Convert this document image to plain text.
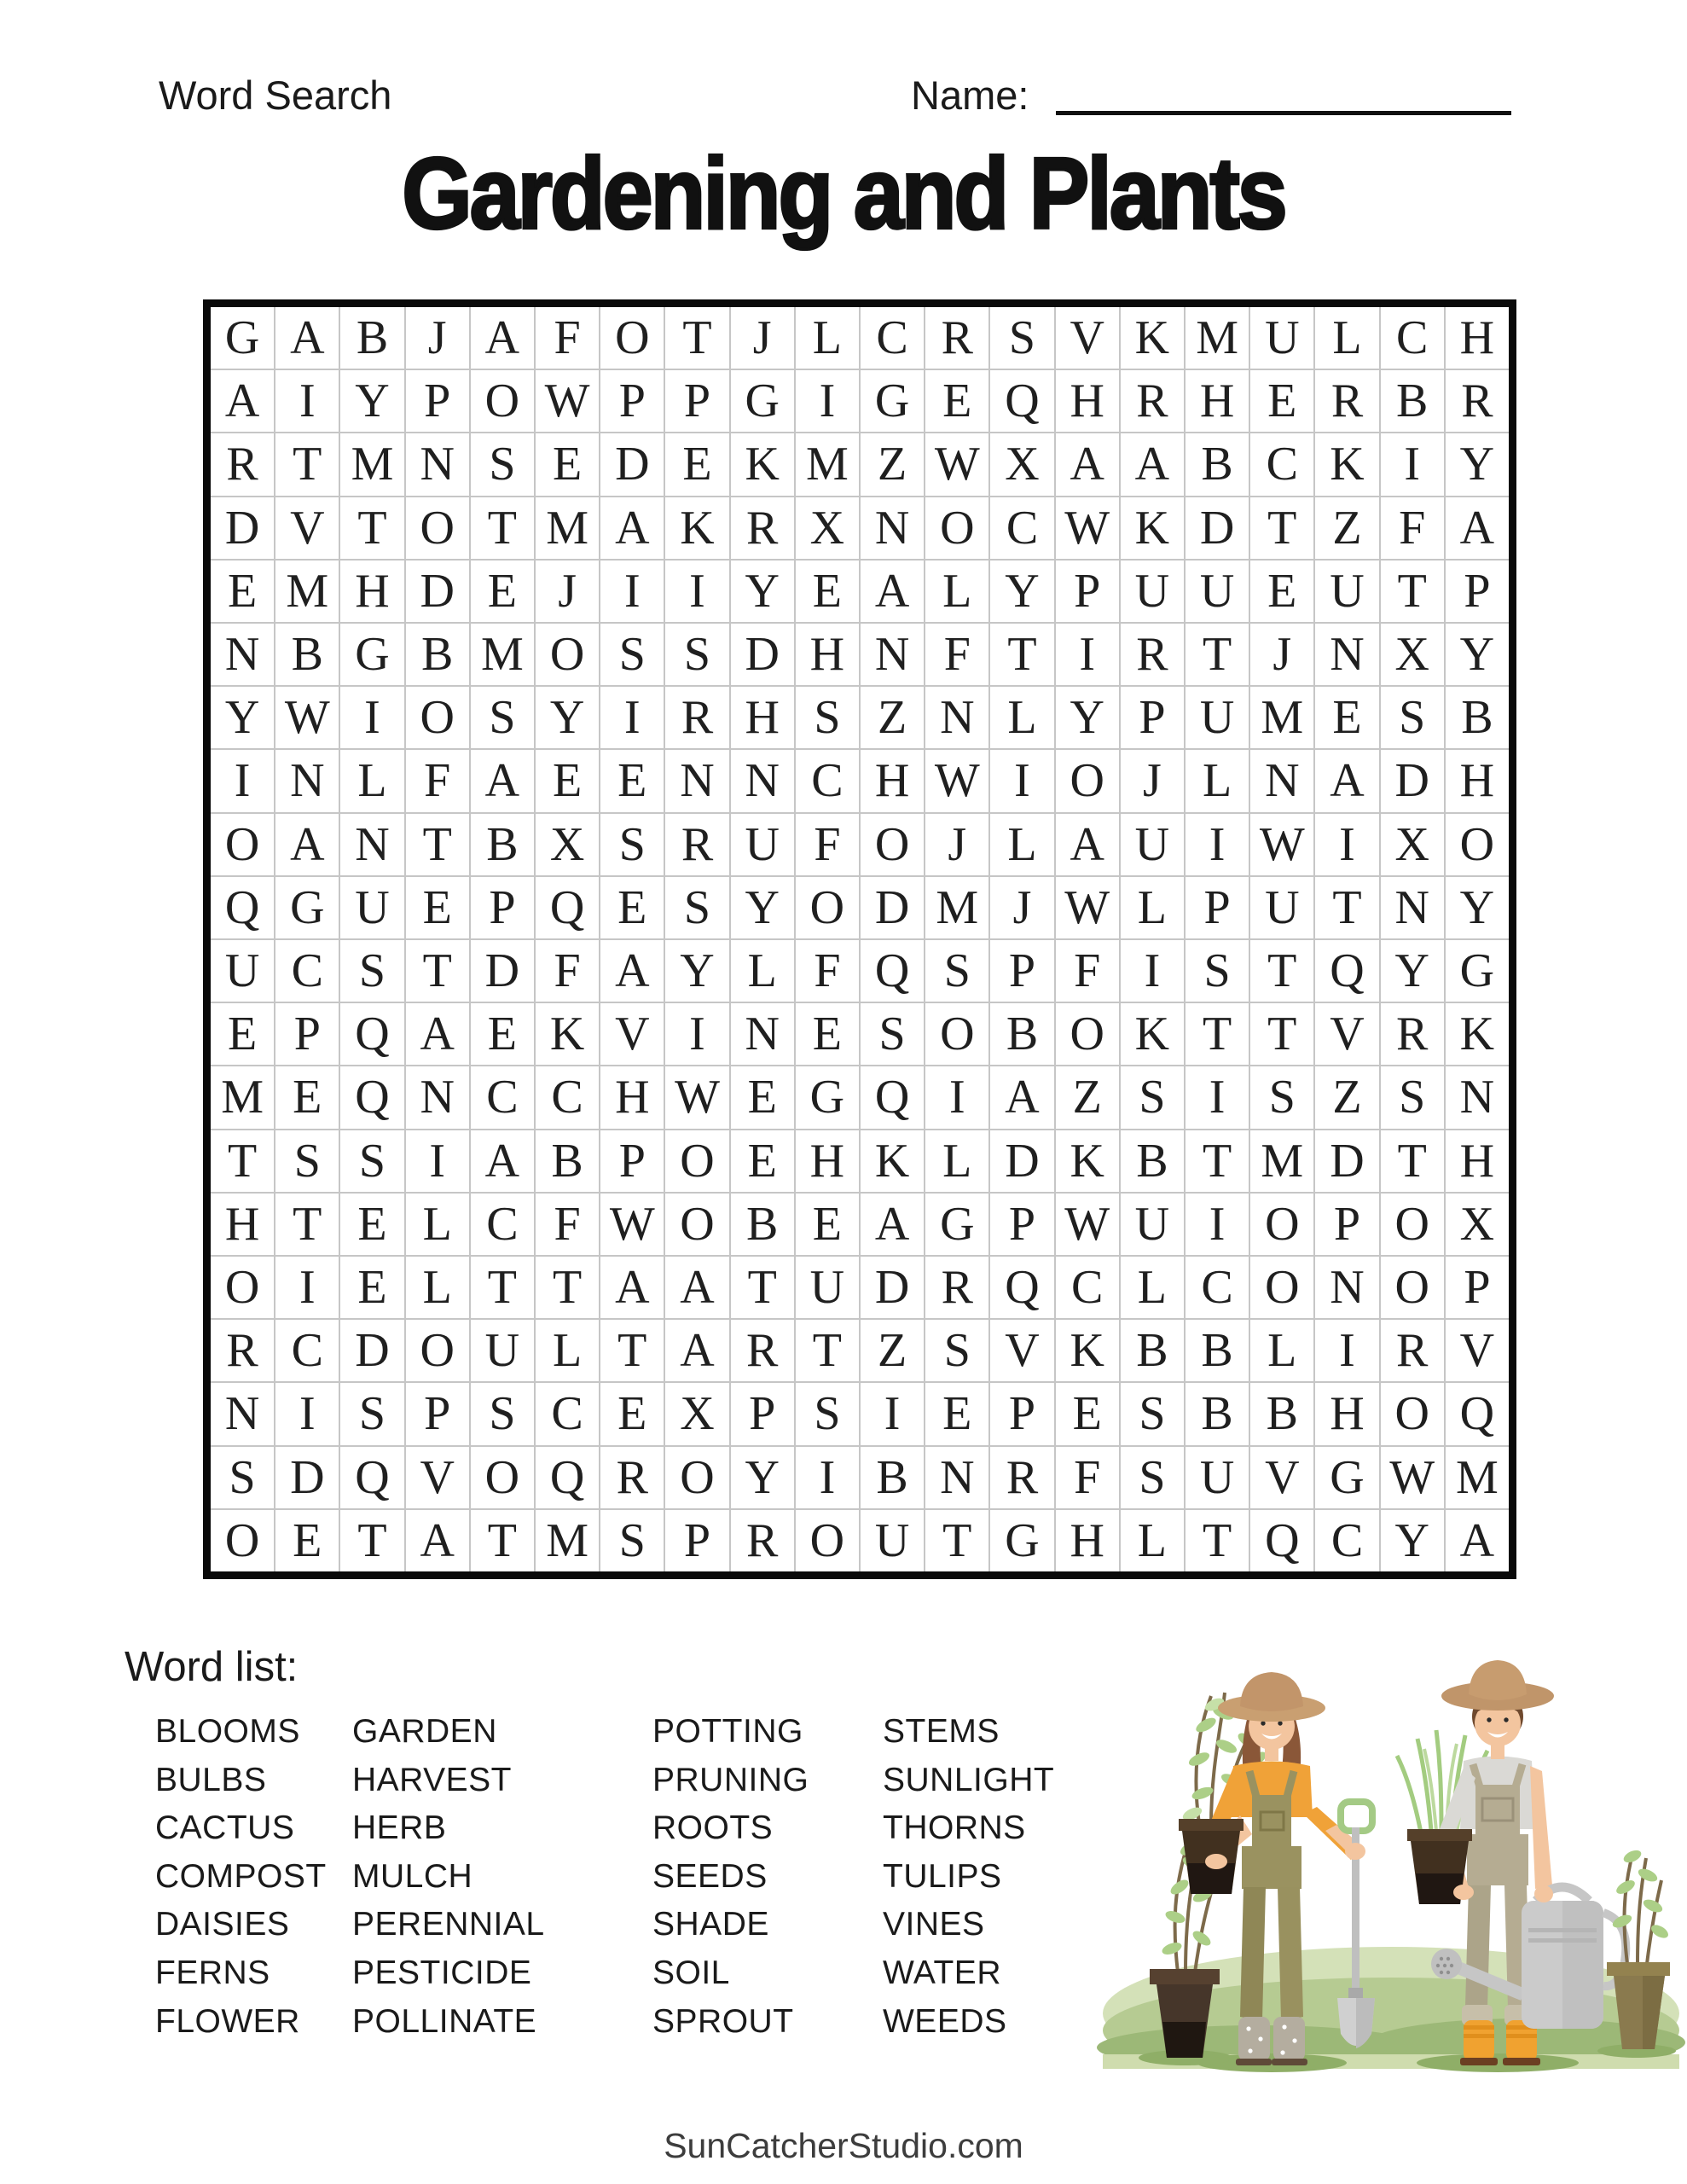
Word Search	Name:
Gardening and Plants
G A B J A F O T J L C R S V K M U L C H
A I Y P O W P P G I G E Q H R H E R B R
R T M N S E D E K M Z W X A A B C K I Y
D V T O T M A K R X N O C W K D T Z F A
E M H D E J I	I Y E A L Y P U U E U T P
N B G B M O S S D H N F T I R T J N X Y
Y W I O S Y I R H S Z N L Y P U M E S B
I N L F A E E N N C H W I O J L N A D H
O A N T B X S R U F O J L A U I W I X O
Q G U E P Q E S Y O D M J W L P U T N Y
U C S T D F A Y L F Q S P F I S T Q Y G
E P Q A E K V I N E S O B O K T T V R K
M E Q N C C H W E G Q I A Z S I S Z S N
T S S I A B P O E H K L D K B T M D T H
H T E L C F W O B E A G P W U I O P O X
O I E L T T A A T U D R Q C L C O N O P
R C D O U L T A R T Z S V K B B L I R V
N I S P S C E X P S I E P E S B B H O Q
S D Q V O Q R O Y I B N R F S U V G W M
O E T A T M S P R O U T G H L T Q C Y A
Word list:
BLOOMS
BULBS
CACTUS
COMPOST
DAISIES
FERNS
FLOWER
GARDEN
HARVEST
HERB
MULCH
PERENNIAL
PESTICIDE
POLLINATE
POTTING
PRUNING
ROOTS
SEEDS
SHADE
SOIL
SPROUT
STEMS
SUNLIGHT
THORNS
TULIPS
VINES
WATER
WEEDS
SunCatcherStudio.com
